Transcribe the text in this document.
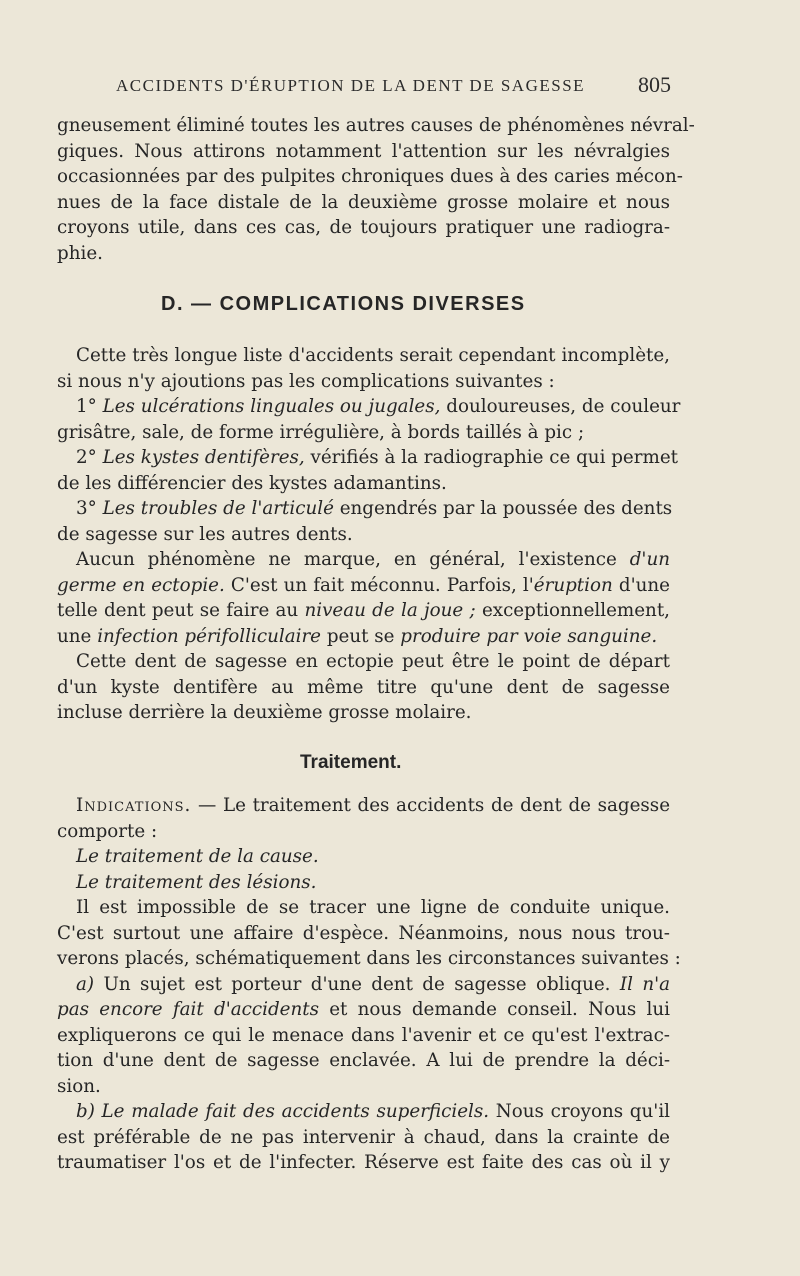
ACCIDENTS D'ÉRUPTION DE LA DENT DE SAGESSE 805
gneusement éliminé toutes les autres causes de phénomènes névral-
giques. Nous attirons notamment l'attention sur les névralgies
occasionnées par des pulpites chroniques dues à des caries mécon-
nues de la face distale de la deuxième grosse molaire et nous
croyons utile, dans ces cas, de toujours pratiquer une radiogra-
phie.
D. — COMPLICATIONS DIVERSES
Cette très longue liste d'accidents serait cependant incomplète,
si nous n'y ajoutions pas les complications suivantes :
1° Les ulcérations linguales ou jugales, douloureuses, de couleur
grisâtre, sale, de forme irrégulière, à bords taillés à pic ;
2° Les kystes dentifères, vérifiés à la radiographie ce qui permet
de les différencier des kystes adamantins.
3° Les troubles de l'articulé engendrés par la poussée des dents
de sagesse sur les autres dents.
Aucun phénomène ne marque, en général, l'existence d'un
germe en ectopie. C'est un fait méconnu. Parfois, l'éruption d'une
telle dent peut se faire au niveau de la joue ; exceptionnellement,
une infection périfolliculaire peut se produire par voie sanguine.
Cette dent de sagesse en ectopie peut être le point de départ
d'un kyste dentifère au même titre qu'une dent de sagesse
incluse derrière la deuxième grosse molaire.
Traitement.
Indications. — Le traitement des accidents de dent de sagesse
comporte :
Le traitement de la cause.
Le traitement des lésions.
Il est impossible de se tracer une ligne de conduite unique.
C'est surtout une affaire d'espèce. Néanmoins, nous nous trou-
verons placés, schématiquement dans les circonstances suivantes :
a) Un sujet est porteur d'une dent de sagesse oblique. Il n'a
pas encore fait d'accidents et nous demande conseil. Nous lui
expliquerons ce qui le menace dans l'avenir et ce qu'est l'extrac-
tion d'une dent de sagesse enclavée. A lui de prendre la déci-
sion.
b) Le malade fait des accidents superficiels. Nous croyons qu'il
est préférable de ne pas intervenir à chaud, dans la crainte de
traumatiser l'os et de l'infecter. Réserve est faite des cas où il y
